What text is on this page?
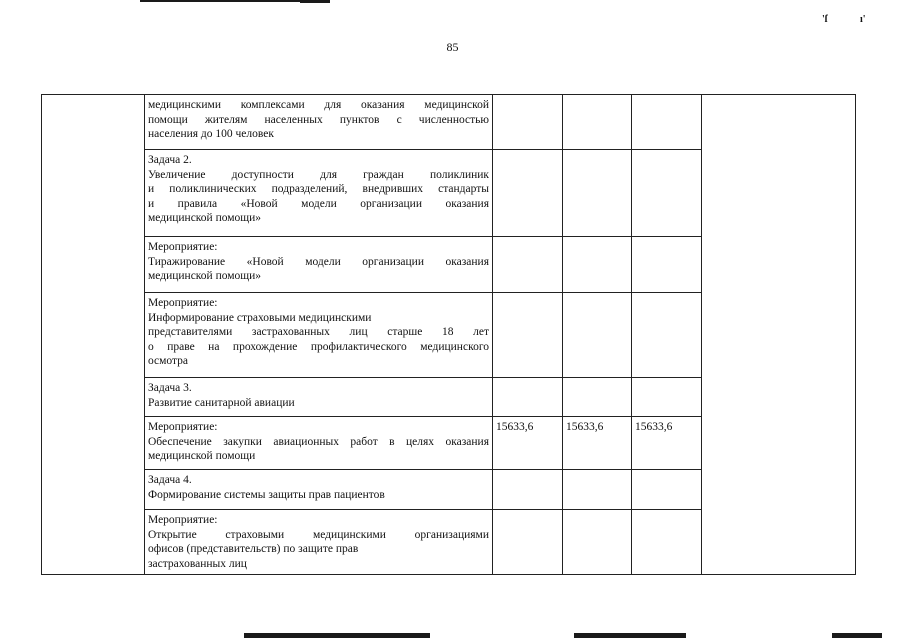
'ſ	ı'
85

	медицинскими комплексами для оказания медицинской
помощи жителям населенных пунктов с численностью
населения до 100 человек				

	Задача 2.
Увеличение доступности для граждан поликлиник
и поликлинических подразделений, внедривших стандарты
и правила «Новой модели организации оказания
медицинской помощи»				

	Мероприятие:
Тиражирование «Новой модели организации оказания
медицинской помощи»				

	Мероприятие:
Информирование страховыми медицинскими
представителями застрахованных лиц старше 18 лет
о праве на прохождение профилактического медицинского
осмотра				

	Задача 3.
Развитие санитарной авиации				

	Мероприятие:
Обеспечение закупки авиационных работ в целях оказания
медицинской помощи	15633,6	15633,6	15633,6	

	Задача 4.
Формирование системы защиты прав пациентов				

	Мероприятие:
Открытие страховыми медицинскими организациями
офисов (представительств) по защите прав
застрахованных лиц				
